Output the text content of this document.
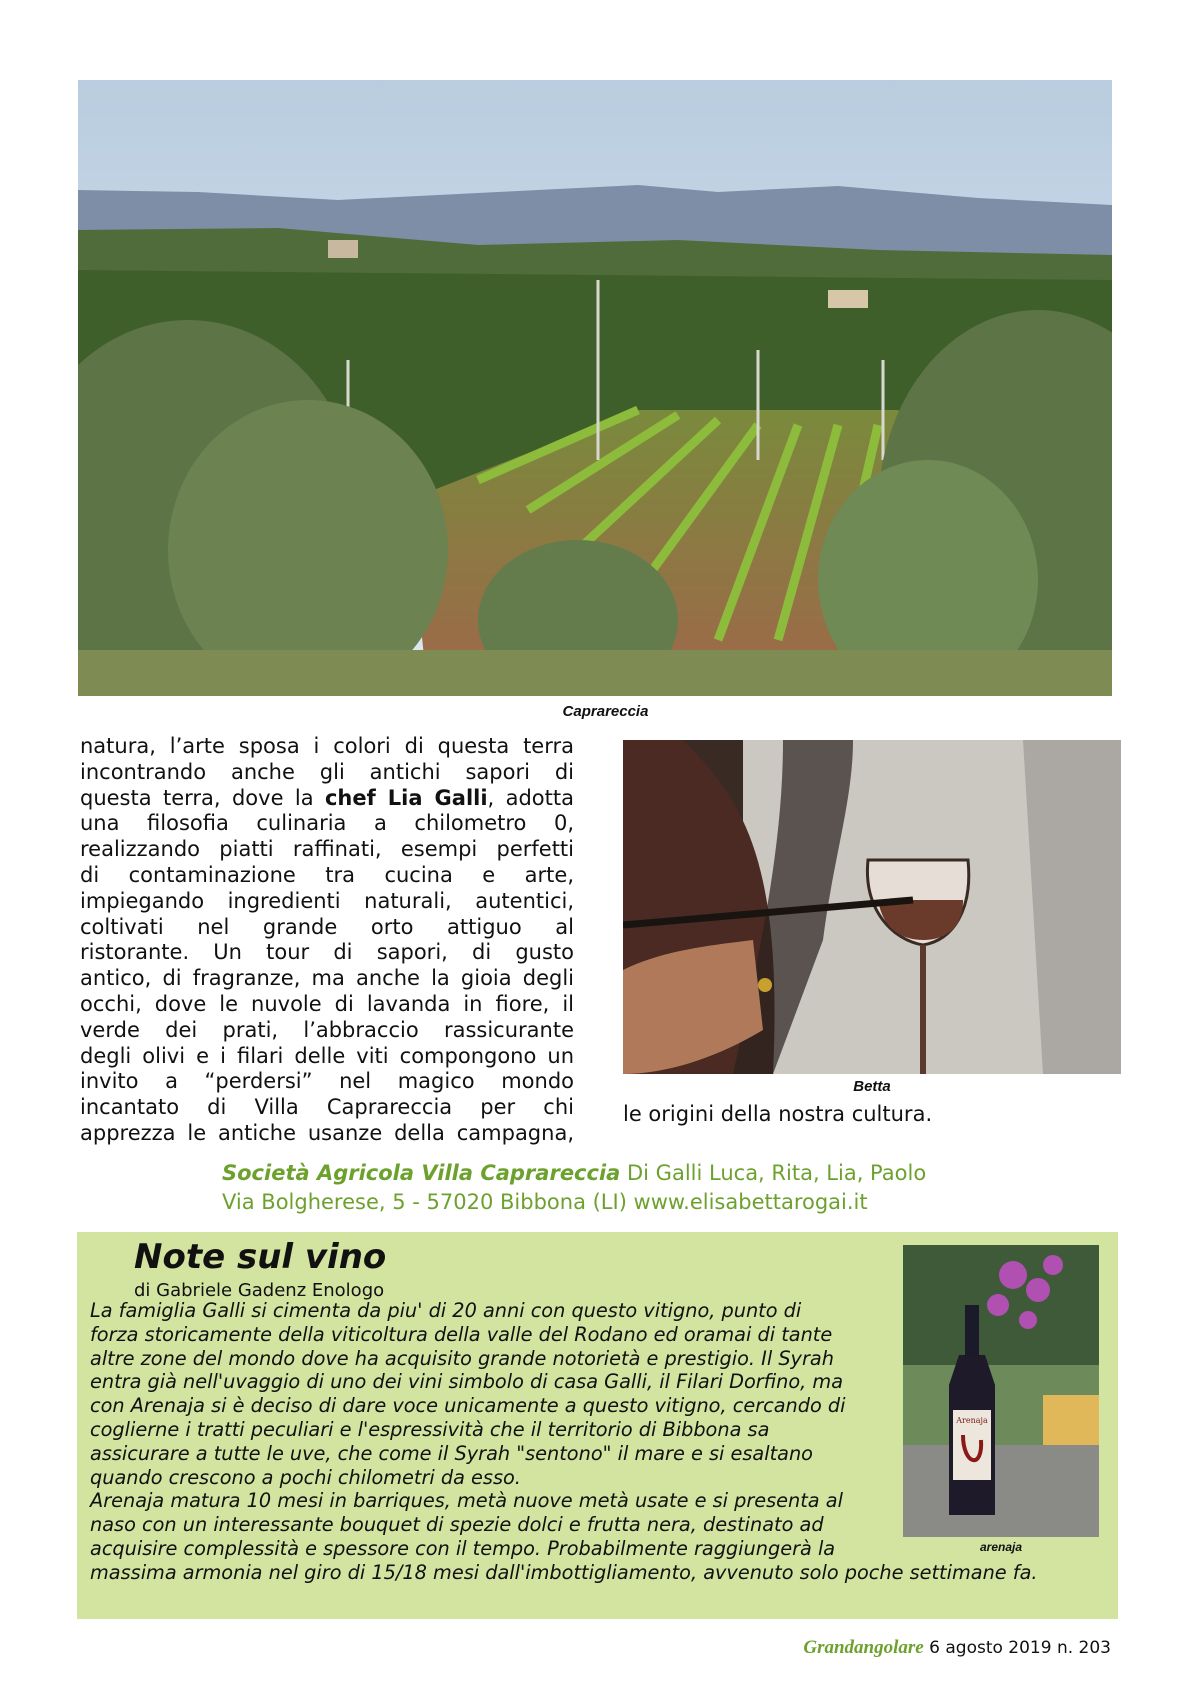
Caprareccia
natura, l’arte sposa i colori di questa terra
incontrando anche gli antichi sapori di
questa terra, dove la chef Lia Galli, adotta
una filosofia culinaria a chilometro 0,
realizzando piatti raffinati, esempi perfetti
di contaminazione tra cucina e arte,
impiegando ingredienti naturali, autentici,
coltivati nel grande orto attiguo al
ristorante. Un tour di sapori, di gusto
antico, di fragranze, ma anche la gioia degli
occhi, dove le nuvole di lavanda in fiore, il
verde dei prati, l’abbraccio rassicurante
degli olivi e i filari delle viti compongono un
invito a “perdersi” nel magico mondo
incantato di Villa Caprareccia per chi
apprezza le antiche usanze della campagna,
Betta
le origini della nostra cultura.
Società Agricola Villa Caprareccia Di Galli Luca, Rita, Lia, Paolo
Via Bolgherese, 5 - 57020 Bibbona (LI) www.elisabettarogai.it
Note sul vino
di Gabriele Gadenz Enologo
La famiglia Galli si cimenta da piu' di 20 anni con questo vitigno, punto di
forza storicamente della viticoltura della valle del Rodano ed oramai di tante
altre zone del mondo dove ha acquisito grande notorietà e prestigio. Il Syrah
entra già nell'uvaggio di uno dei vini simbolo di casa Galli, il Filari Dorfino, ma
con Arenaja si è deciso di dare voce unicamente a questo vitigno, cercando di
coglierne i tratti peculiari e l'espressività che il territorio di Bibbona sa
assicurare a tutte le uve, che come il Syrah "sentono" il mare e si esaltano
quando crescono a pochi chilometri da esso.
Arenaja matura 10 mesi in barriques, metà nuove metà usate e si presenta al
naso con un interessante bouquet di spezie dolci e frutta nera, destinato ad
acquisire complessità e spessore con il tempo. Probabilmente raggiungerà la
massima armonia nel giro di 15/18 mesi dall'imbottigliamento, avvenuto solo poche settimane fa.
Arenaja
arenaja
Grandangolare 6 agosto 2019 n. 203
